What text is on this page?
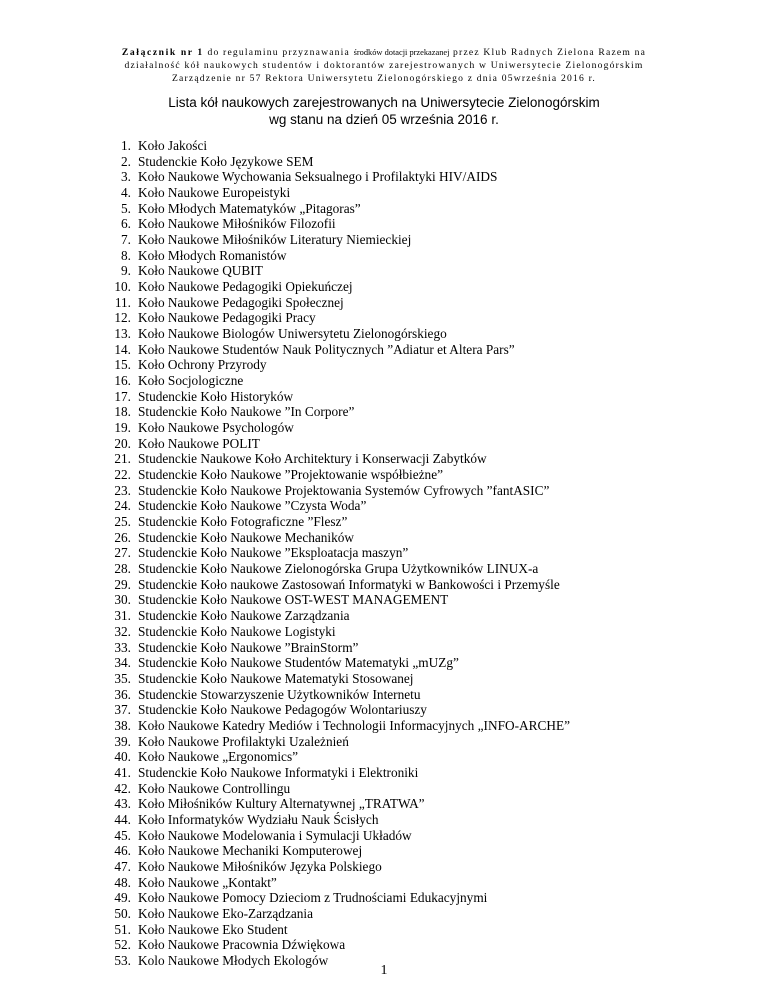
Załącznik nr 1 do regulaminu przyznawania środków dotacji przekazanej przez Klub Radnych Zielona Razem na
działalność kół naukowych studentów i doktorantów zarejestrowanych w Uniwersytecie Zielonogórskim
Zarządzenie nr 57 Rektora Uniwersytetu Zielonogórskiego z dnia 05września 2016 r.
Lista kół naukowych zarejestrowanych na Uniwersytecie Zielonogórskim
wg stanu na dzień 05 września 2016 r.
1. Koło Jakości
2. Studenckie Koło Językowe SEM
3. Koło Naukowe Wychowania Seksualnego i Profilaktyki HIV/AIDS
4. Koło Naukowe Europeistyki
5. Koło Młodych Matematyków „Pitagoras”
6. Koło Naukowe Miłośników Filozofii
7. Koło Naukowe Miłośników Literatury Niemieckiej
8. Koło Młodych Romanistów
9. Koło Naukowe QUBIT
10. Koło Naukowe Pedagogiki Opiekuńczej
11. Koło Naukowe Pedagogiki Społecznej
12. Koło Naukowe Pedagogiki Pracy
13. Koło Naukowe Biologów Uniwersytetu Zielonogórskiego
14. Koło Naukowe Studentów Nauk Politycznych ”Adiatur et Altera Pars”
15. Koło Ochrony Przyrody
16. Koło Socjologiczne
17. Studenckie Koło Historyków
18. Studenckie Koło Naukowe ”In Corpore”
19. Koło Naukowe Psychologów
20. Koło Naukowe POLIT
21. Studenckie Naukowe Koło Architektury i Konserwacji Zabytków
22. Studenckie Koło Naukowe ”Projektowanie współbieżne”
23. Studenckie Koło Naukowe Projektowania Systemów Cyfrowych ”fantASIC”
24. Studenckie Koło Naukowe ”Czysta Woda”
25. Studenckie Koło Fotograficzne ”Flesz”
26. Studenckie Koło Naukowe Mechaników
27. Studenckie Koło Naukowe ”Eksploatacja maszyn”
28. Studenckie Koło Naukowe Zielonogórska Grupa Użytkowników LINUX-a
29. Studenckie Koło naukowe Zastosowań Informatyki w Bankowości i Przemyśle
30. Studenckie Koło Naukowe OST-WEST MANAGEMENT
31. Studenckie Koło Naukowe Zarządzania
32. Studenckie Koło Naukowe Logistyki
33. Studenckie Koło Naukowe ”BrainStorm”
34. Studenckie Koło Naukowe Studentów Matematyki „mUZg”
35. Studenckie Koło Naukowe Matematyki Stosowanej
36. Studenckie Stowarzyszenie Użytkowników Internetu
37. Studenckie Koło Naukowe Pedagogów Wolontariuszy
38. Koło Naukowe Katedry Mediów i Technologii Informacyjnych „INFO-ARCHE”
39. Koło Naukowe Profilaktyki Uzależnień
40. Koło Naukowe „Ergonomics”
41. Studenckie Koło Naukowe Informatyki i Elektroniki
42. Koło Naukowe Controllingu
43. Koło Miłośników Kultury Alternatywnej „TRATWA”
44. Koło Informatyków Wydziału Nauk Ścisłych
45. Koło Naukowe Modelowania i Symulacji Układów
46. Koło Naukowe Mechaniki Komputerowej
47. Koło Naukowe Miłośników Języka Polskiego
48. Koło Naukowe „Kontakt”
49. Koło Naukowe Pomocy Dzieciom z Trudnościami Edukacyjnymi
50. Koło Naukowe Eko-Zarządzania
51. Koło Naukowe Eko Student
52. Koło Naukowe Pracownia Dźwiękowa
53. Kolo Naukowe Młodych Ekologów
1
